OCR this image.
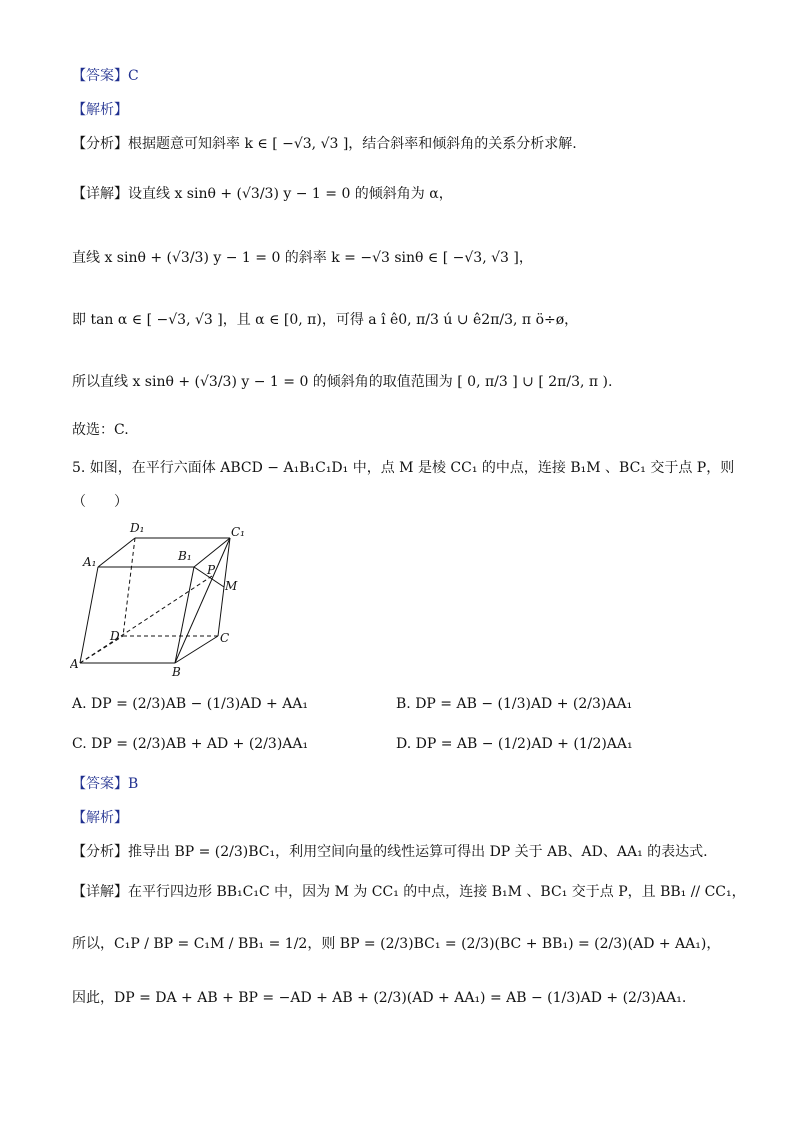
【答案】C
【解析】
【分析】根据题意可知斜率 k ∈ [ −√3, √3 ]，结合斜率和倾斜角的关系分析求解.
【详解】设直线 x sinθ + (√3/3) y − 1 = 0 的倾斜角为 α，
直线 x sinθ + (√3/3) y − 1 = 0 的斜率 k = −√3 sinθ ∈ [ −√3, √3 ]，
即 tan α ∈ [ −√3, √3 ]，且 α ∈ [0, π)，可得 a î ê0, π/3 ú ∪ ê2π/3, π ö÷ø，
所以直线 x sinθ + (√3/3) y − 1 = 0 的倾斜角的取值范围为 [ 0, π/3 ] ∪ [ 2π/3, π ).
故选：C.
5. 如图，在平行六面体 ABCD − A₁B₁C₁D₁ 中，点 M 是棱 CC₁ 的中点，连接 B₁M 、BC₁ 交于点 P，则
（　　）
D₁	C₁
A₁	B₁
P
M
D	C
A
B
A. DP = (2/3)AB − (1/3)AD + AA₁	B. DP = AB − (1/3)AD + (2/3)AA₁
C. DP = (2/3)AB + AD + (2/3)AA₁	D. DP = AB − (1/2)AD + (1/2)AA₁
【答案】B
【解析】
【分析】推导出 BP = (2/3)BC₁，利用空间向量的线性运算可得出 DP 关于 AB、AD、AA₁ 的表达式.
【详解】在平行四边形 BB₁C₁C 中，因为 M 为 CC₁ 的中点，连接 B₁M 、BC₁ 交于点 P，且 BB₁ // CC₁，
所以，C₁P / BP = C₁M / BB₁ = 1/2，则 BP = (2/3)BC₁ = (2/3)(BC + BB₁) = (2/3)(AD + AA₁)，
因此，DP = DA + AB + BP = −AD + AB + (2/3)(AD + AA₁) = AB − (1/3)AD + (2/3)AA₁.
